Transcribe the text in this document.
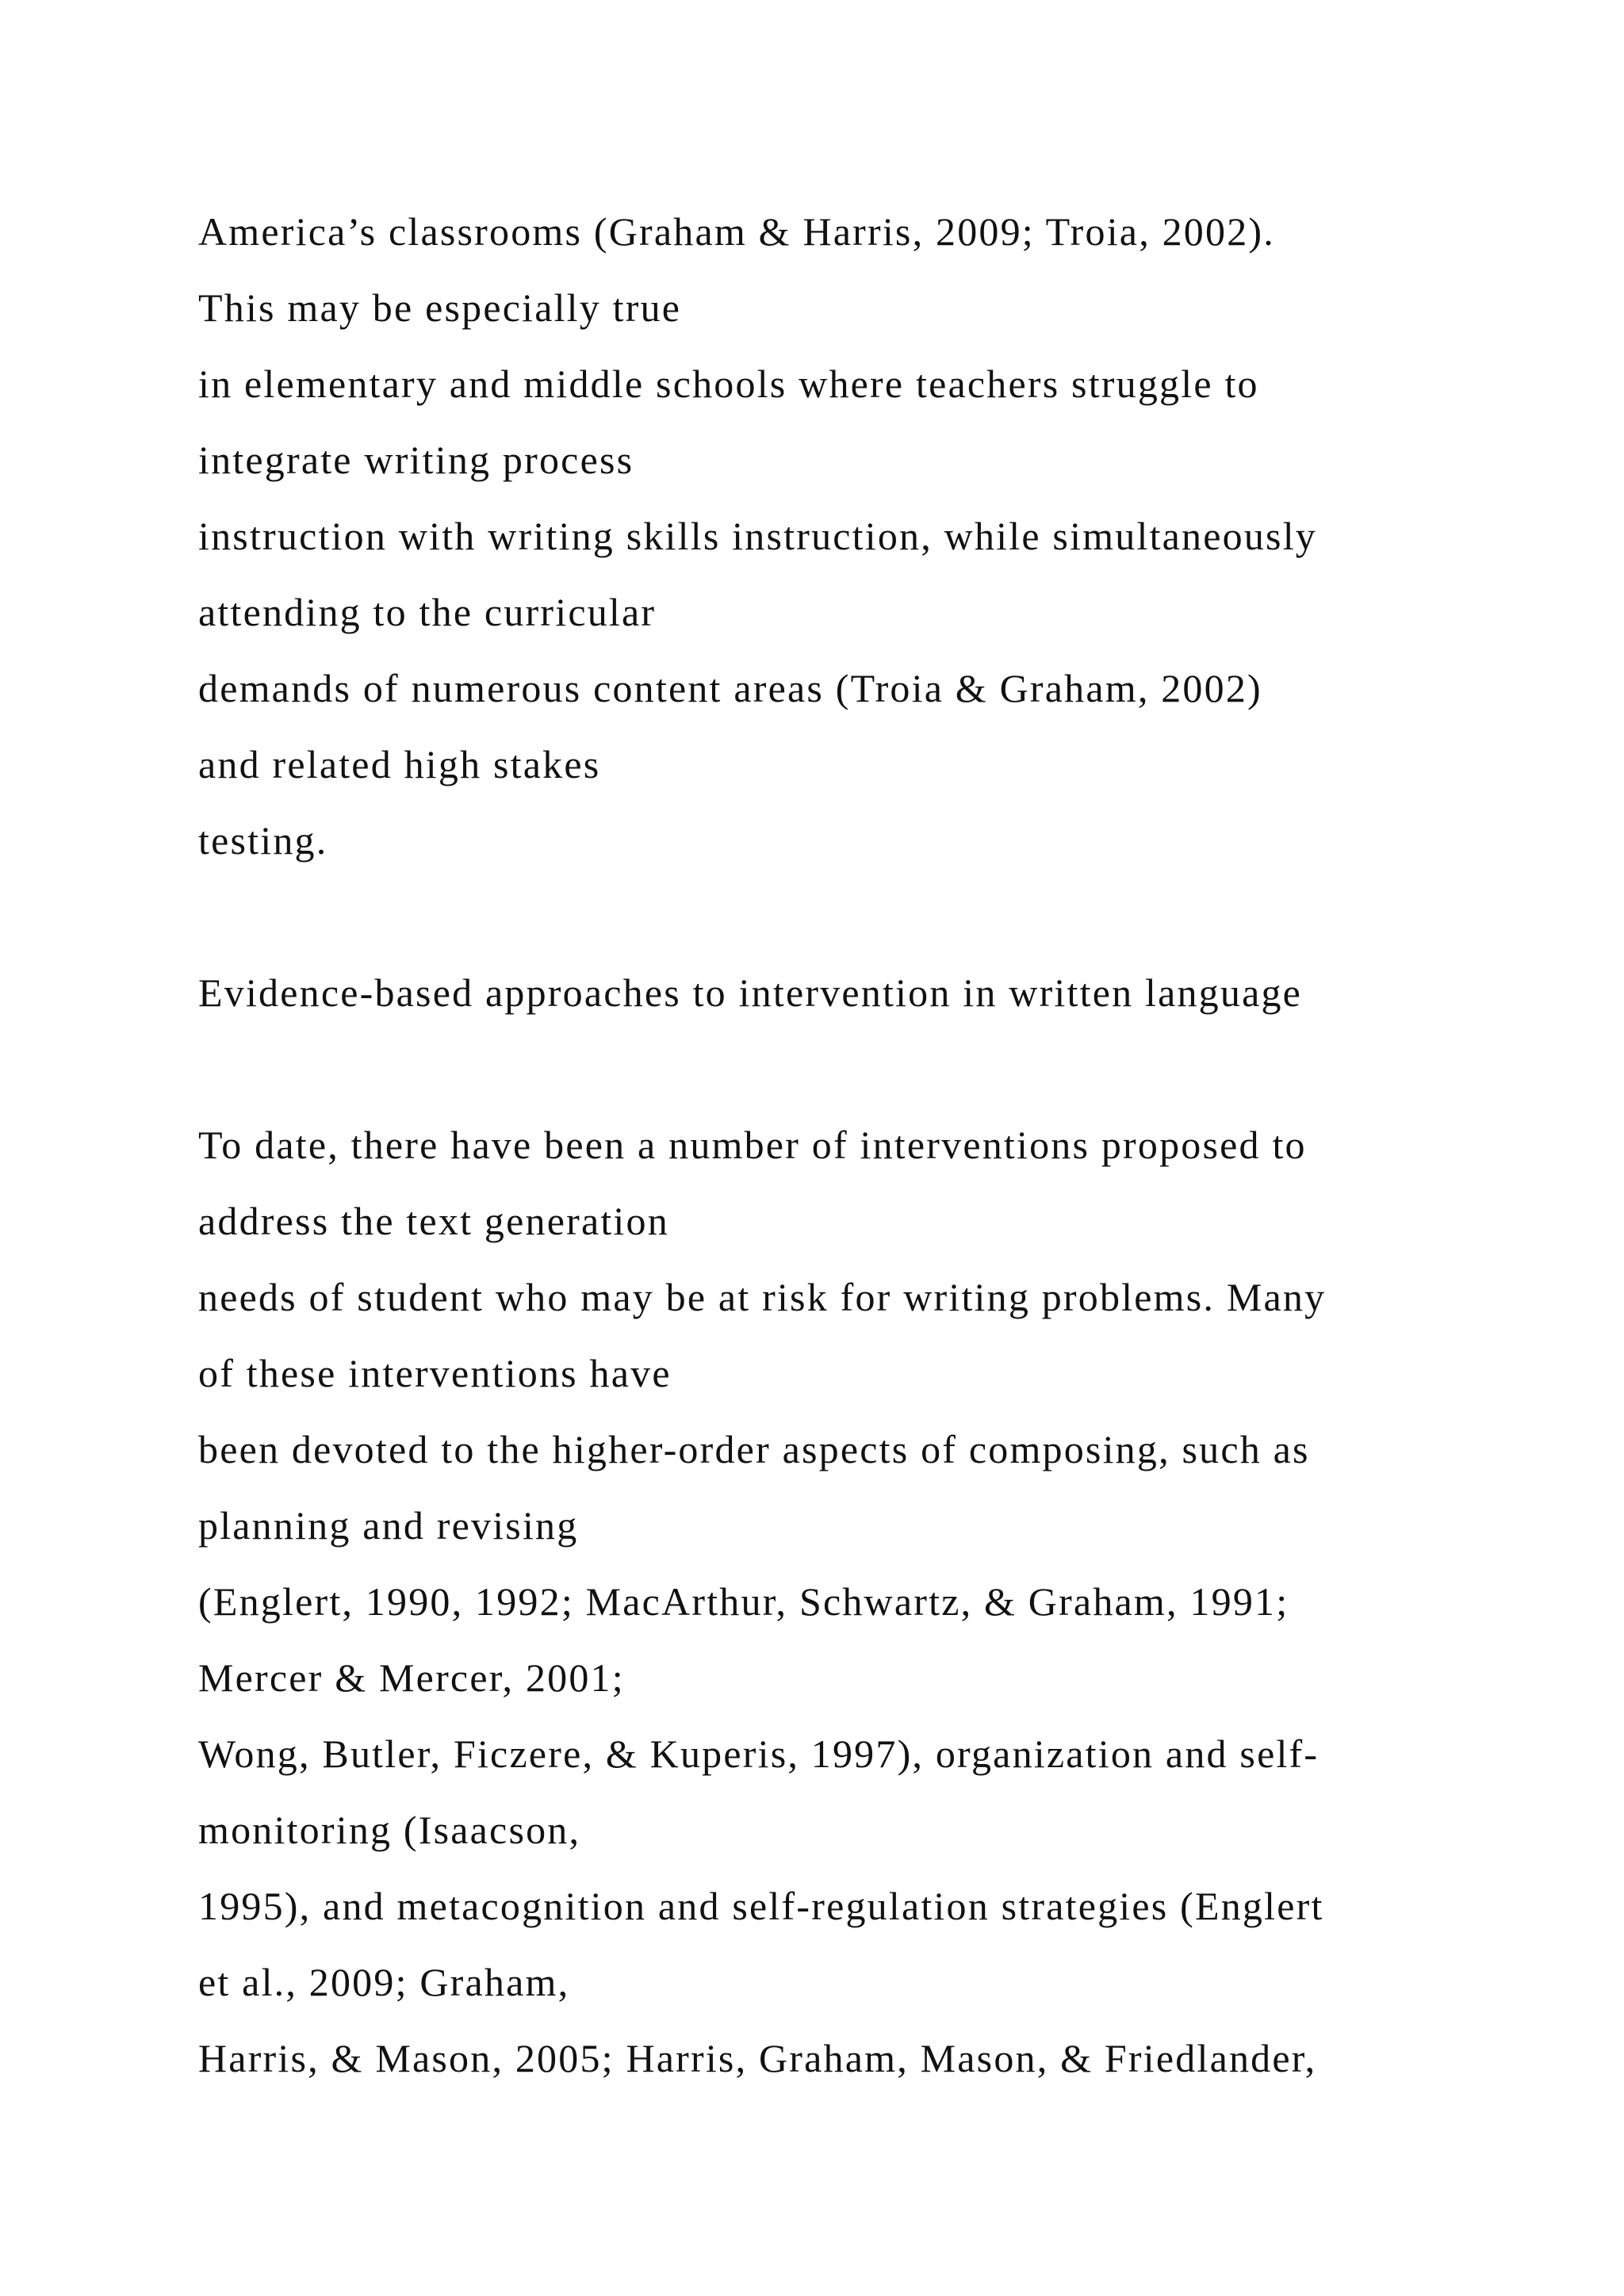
America’s classrooms (Graham & Harris, 2009; Troia, 2002).
This may be especially true
in elementary and middle schools where teachers struggle to
integrate writing process
instruction with writing skills instruction, while simultaneously
attending to the curricular
demands of numerous content areas (Troia & Graham, 2002)
and related high stakes
testing.
Evidence-based approaches to intervention in written language
To date, there have been a number of interventions proposed to
address the text generation
needs of student who may be at risk for writing problems. Many
of these interventions have
been devoted to the higher-order aspects of composing, such as
planning and revising
(Englert, 1990, 1992; MacArthur, Schwartz, & Graham, 1991;
Mercer & Mercer, 2001;
Wong, Butler, Ficzere, & Kuperis, 1997), organization and self-
monitoring (Isaacson,
1995), and metacognition and self-regulation strategies (Englert
et al., 2009; Graham,
Harris, & Mason, 2005; Harris, Graham, Mason, & Friedlander,
